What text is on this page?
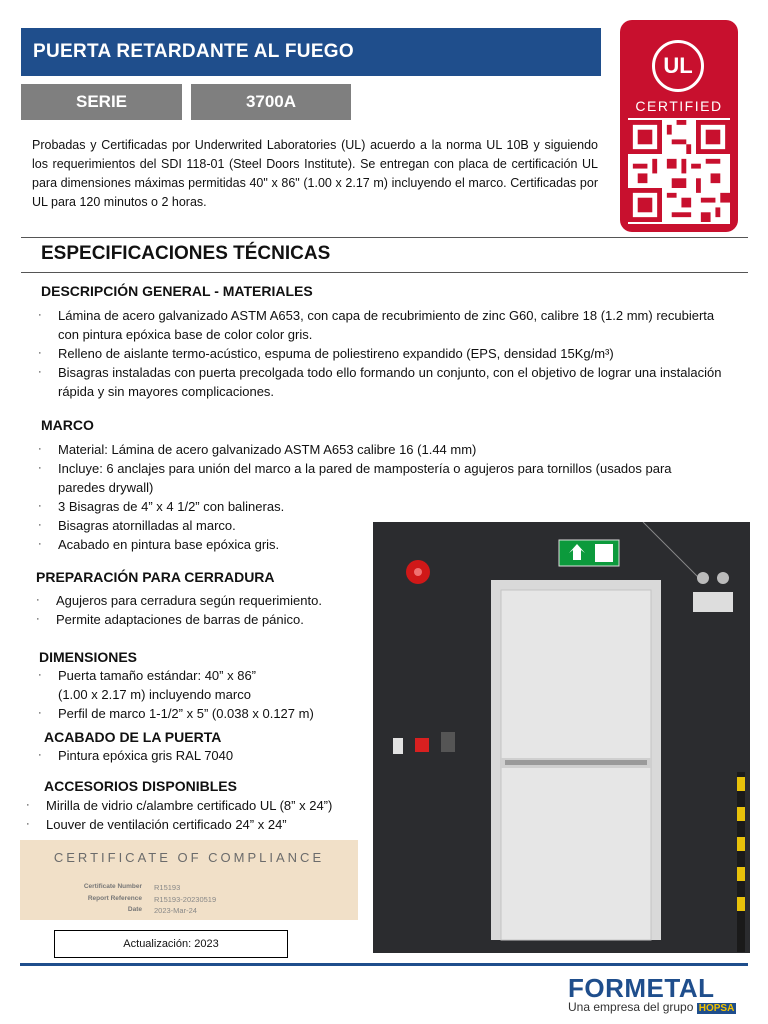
PUERTA RETARDANTE AL FUEGO
SERIE	3700A
UL
CERTIFIED
Probadas y Certificadas por Underwrited Laboratories (UL) acuerdo a la norma UL 10B y siguiendo los requerimientos del SDI 118-01 (Steel Doors Institute). Se entregan con placa de certificación UL para dimensiones máximas permitidas 40" x 86" (1.00 x 2.17 m) incluyendo el marco. Certificadas por UL para 120 minutos o 2 horas.
ESPECIFICACIONES TÉCNICAS
DESCRIPCIÓN GENERAL - MATERIALES
· Lámina de acero galvanizado ASTM A653, con capa de recubrimiento de zinc G60, calibre 18 (1.2 mm) recubierta con pintura epóxica base de color color gris.
· Relleno de aislante termo-acústico, espuma de poliestireno expandido (EPS, densidad 15Kg/m³)
· Bisagras instaladas con puerta precolgada todo ello formando un conjunto, con el objetivo de lograr una instalación rápida y sin mayores complicaciones.
MARCO
· Material: Lámina de acero galvanizado ASTM A653 calibre 16 (1.44 mm)
· Incluye: 6 anclajes para unión del marco a la pared de mampostería o agujeros para tornillos (usados para paredes drywall)
· 3 Bisagras de 4” x 4 1/2” con balineras.
· Bisagras atornilladas al marco.
· Acabado en pintura base epóxica gris.
PREPARACIÓN PARA CERRADURA
· Agujeros para cerradura según requerimiento.
· Permite adaptaciones de barras de pánico.
DIMENSIONES
· Puerta tamaño estándar: 40” x 86”
(1.00 x 2.17 m) incluyendo marco
· Perfil de marco 1-1/2” x 5” (0.038 x 0.127 m)
ACABADO DE LA PUERTA
· Pintura epóxica gris RAL 7040
ACCESORIOS DISPONIBLES
· Mirilla de vidrio c/alambre certificado UL (8” x 24”)
· Louver de ventilación certificado 24” x 24”
CERTIFICATE OF COMPLIANCE
Certificate Number R15193
Report Reference R15193-20230519
Date 2023-Mar-24
Actualización: 2023
FORMETAL
Una empresa del grupo HOPSA
